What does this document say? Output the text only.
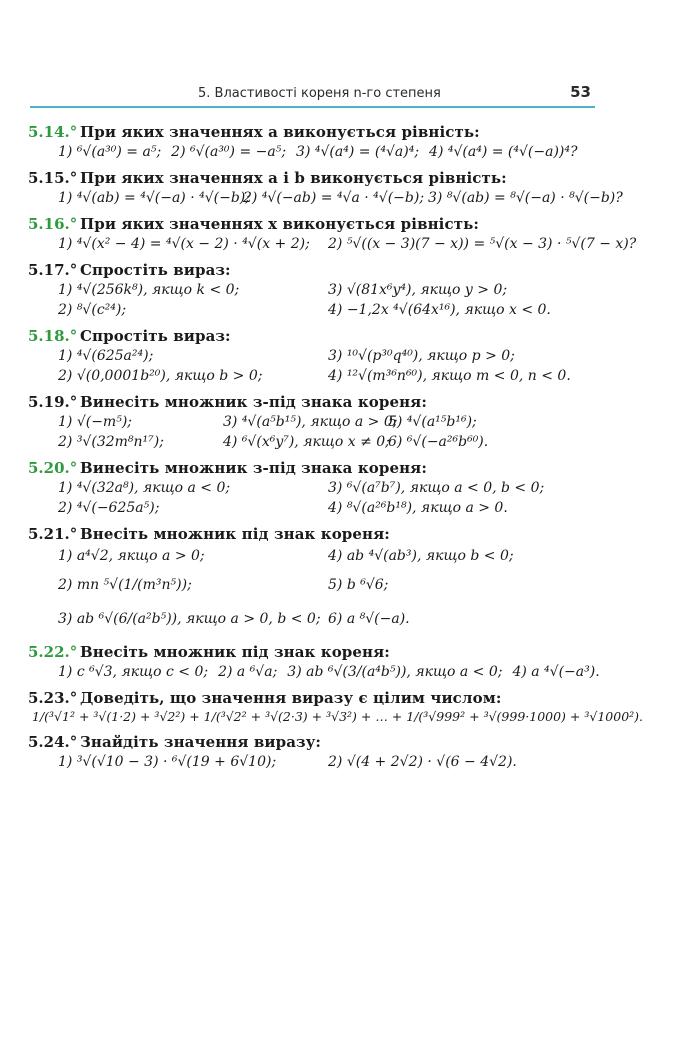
5. Властивості кореня n-го степеня	53
5.14.° При яких значеннях a виконується рівність:
1) ⁶√(a³⁰) = a⁵; 2) ⁶√(a³⁰) = −a⁵; 3) ⁴√(a⁴) = (⁴√a)⁴; 4) ⁴√(a⁴) = (⁴√(−a))⁴?
5.15.° При яких значеннях a і b виконується рівність:
1) ⁴√(ab) = ⁴√(−a) · ⁴√(−b);
2) ⁴√(−ab) = ⁴√a · ⁴√(−b); 3) ⁸√(ab) = ⁸√(−a) · ⁸√(−b)?
5.16.° При яких значеннях x виконується рівність:
1) ⁴√(x² − 4) = ⁴√(x − 2) · ⁴√(x + 2);	2) ⁵√((x − 3)(7 − x)) = ⁵√(x − 3) · ⁵√(7 − x)?
5.17.° Спростіть вираз:
1) ⁴√(256k⁸), якщо k < 0;	3) √(81x⁶y⁴), якщо y > 0;
2) ⁸√(c²⁴);	4) −1,2x ⁴√(64x¹⁶), якщо x < 0.
5.18.° Спростіть вираз:
1) ⁴√(625a²⁴);	3) ¹⁰√(p³⁰q⁴⁰), якщо p > 0;
2) √(0,0001b²⁰), якщо b > 0;	4) ¹²√(m³⁶n⁶⁰), якщо m < 0, n < 0.
5.19.° Винесіть множник з-під знака кореня:
1) √(−m⁵);	3) ⁴√(a⁵b¹⁵), якщо a > 0;
5) ⁴√(a¹⁵b¹⁶);
2) ³√(32m⁸n¹⁷);	4) ⁶√(x⁶y⁷), якщо x ≠ 0;
6) ⁶√(−a²⁶b⁶⁰).
5.20.° Винесіть множник з-під знака кореня:
1) ⁴√(32a⁸), якщо a < 0;	3) ⁶√(a⁷b⁷), якщо a < 0, b < 0;
2) ⁴√(−625a⁵);	4) ⁸√(a²⁶b¹⁸), якщо a > 0.
5.21.° Внесіть множник під знак кореня:
1) a⁴√2, якщо a > 0;	4) ab ⁴√(ab³), якщо b < 0;
2) mn ⁵√(1/(m³n⁵));	5) b ⁶√6;
3) ab ⁶√(6/(a²b⁵)), якщо a > 0, b < 0; 6) a ⁸√(−a).
5.22.° Внесіть множник під знак кореня:
1) c ⁶√3, якщо c < 0; 2) a ⁶√a; 3) ab ⁶√(3/(a⁴b⁵)), якщо a < 0; 4) a ⁴√(−a³).
5.23.° Доведіть, що значення виразу є цілим числом:
1/(³√1² + ³√(1·2) + ³√2²) + 1/(³√2² + ³√(2·3) + ³√3²) + … + 1/(³√999² + ³√(999·1000) + ³√1000²).
5.24.° Знайдіть значення виразу:
1) ³√(√10 − 3) · ⁶√(19 + 6√10);	2) √(4 + 2√2) · √(6 − 4√2).
